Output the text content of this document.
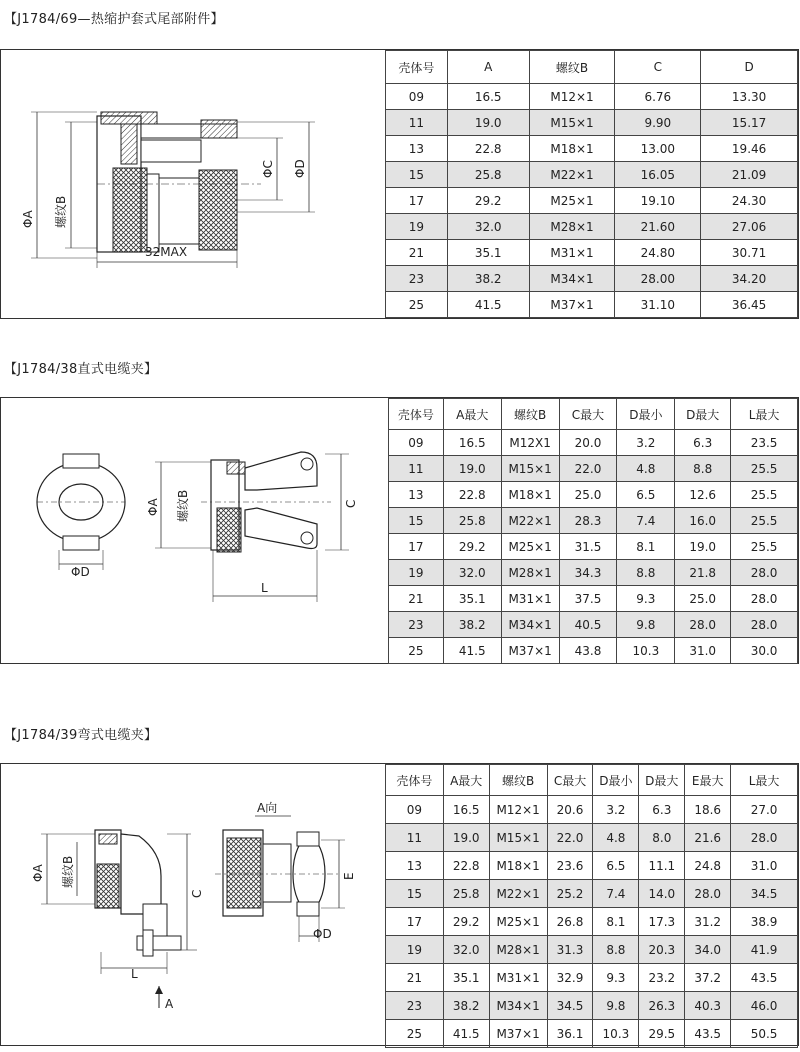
【J1784/69—热缩护套式尾部附件】
ΦA 螺纹B
ΦC ΦD
32MAX
壳体号	A	螺纹B	C	D
09	16.5	M12×1	6.76	13.30
11	19.0	M15×1	9.90	15.17
13	22.8	M18×1	13.00	19.46
15	25.8	M22×1	16.05	21.09
17	29.2	M25×1	19.10	24.30
19	32.0	M28×1	21.60	27.06
21	35.1	M31×1	24.80	30.71
23	38.2	M34×1	28.00	34.20
25	41.5	M37×1	31.10	36.45
【J1784/38直式电缆夹】
ΦA 螺纹B	C
ΦD
L
壳体号	A最大	螺纹B	C最大	D最小	D最大	L最大
09	16.5	M12X1	20.0	3.2	6.3	23.5
11	19.0	M15×1	22.0	4.8	8.8	25.5
13	22.8	M18×1	25.0	6.5	12.6	25.5
15	25.8	M22×1	28.3	7.4	16.0	25.5
17	29.2	M25×1	31.5	8.1	19.0	25.5
19	32.0	M28×1	34.3	8.8	21.8	28.0
21	35.1	M31×1	37.5	9.3	25.0	28.0
23	38.2	M34×1	40.5	9.8	28.0	28.0
25	41.5	M37×1	43.8	10.3	31.0	30.0
【J1784/39弯式电缆夹】
ΦA 螺纹B
C
L
A
A向
E
ΦD
壳体号	A最大	螺纹B	C最大	D最小	D最大	E最大	L最大
09	16.5	M12×1	20.6	3.2	6.3	18.6	27.0
11	19.0	M15×1	22.0	4.8	8.0	21.6	28.0
13	22.8	M18×1	23.6	6.5	11.1	24.8	31.0
15	25.8	M22×1	25.2	7.4	14.0	28.0	34.5
17	29.2	M25×1	26.8	8.1	17.3	31.2	38.9
19	32.0	M28×1	31.3	8.8	20.3	34.0	41.9
21	35.1	M31×1	32.9	9.3	23.2	37.2	43.5
23	38.2	M34×1	34.5	9.8	26.3	40.3	46.0
25	41.5	M37×1	36.1	10.3	29.5	43.5	50.5
